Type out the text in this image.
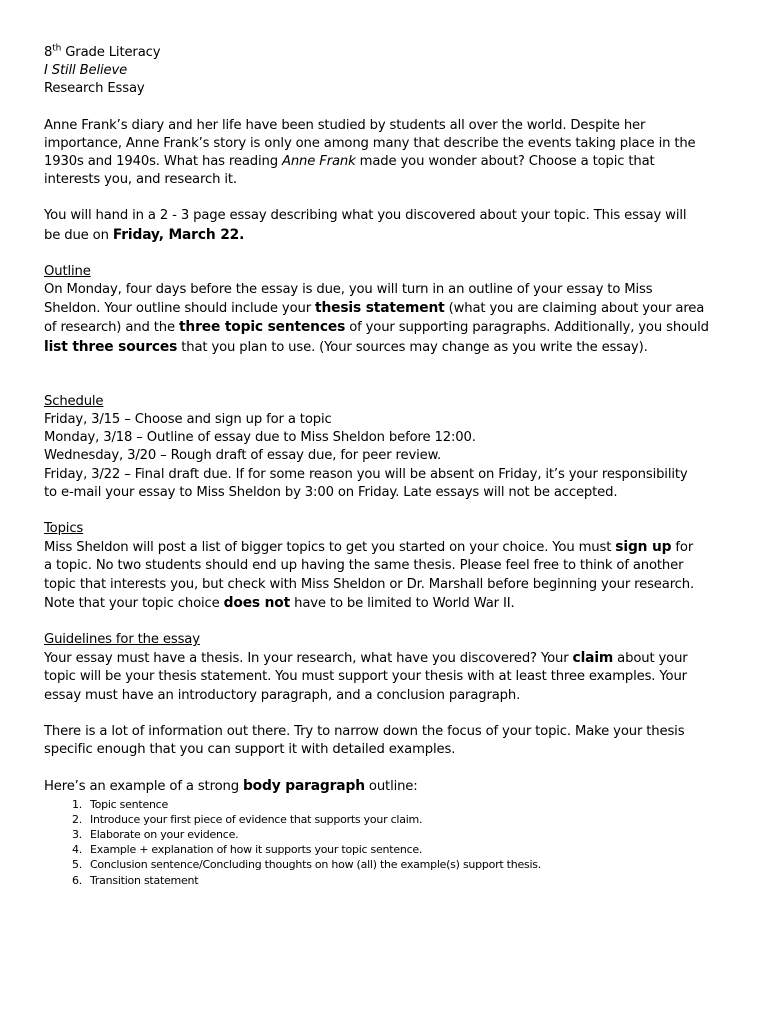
8th Grade Literacy
I Still Believe
Research Essay
Anne Frank’s diary and her life have been studied by students all over the world. Despite her
importance, Anne Frank’s story is only one among many that describe the events taking place in the
1930s and 1940s. What has reading Anne Frank made you wonder about? Choose a topic that
interests you, and research it.
You will hand in a 2 - 3 page essay describing what you discovered about your topic. This essay will
be due on Friday, March 22.
Outline
On Monday, four days before the essay is due, you will turn in an outline of your essay to Miss
Sheldon. Your outline should include your thesis statement (what you are claiming about your area
of research) and the three topic sentences of your supporting paragraphs. Additionally, you should
list three sources that you plan to use. (Your sources may change as you write the essay).
Schedule
Friday, 3/15 – Choose and sign up for a topic
Monday, 3/18 – Outline of essay due to Miss Sheldon before 12:00.
Wednesday, 3/20 – Rough draft of essay due, for peer review.
Friday, 3/22 – Final draft due. If for some reason you will be absent on Friday, it’s your responsibility
to e-mail your essay to Miss Sheldon by 3:00 on Friday. Late essays will not be accepted.
Topics
Miss Sheldon will post a list of bigger topics to get you started on your choice. You must sign up for
a topic. No two students should end up having the same thesis. Please feel free to think of another
topic that interests you, but check with Miss Sheldon or Dr. Marshall before beginning your research.
Note that your topic choice does not have to be limited to World War II.
Guidelines for the essay
Your essay must have a thesis. In your research, what have you discovered? Your claim about your
topic will be your thesis statement. You must support your thesis with at least three examples. Your
essay must have an introductory paragraph, and a conclusion paragraph.
There is a lot of information out there. Try to narrow down the focus of your topic. Make your thesis
specific enough that you can support it with detailed examples.
Here’s an example of a strong body paragraph outline:
1. Topic sentence
2. Introduce your first piece of evidence that supports your claim.
3. Elaborate on your evidence.
4. Example + explanation of how it supports your topic sentence.
5. Conclusion sentence/Concluding thoughts on how (all) the example(s) support thesis.
6. Transition statement
